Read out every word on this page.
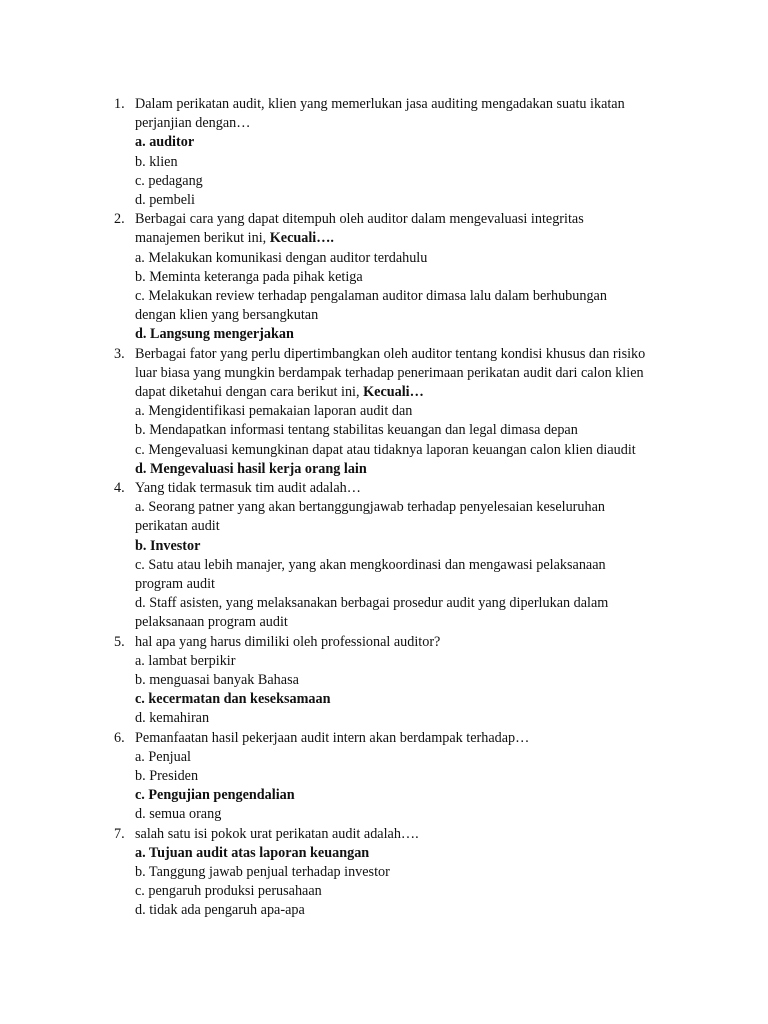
1. Dalam perikatan audit, klien yang memerlukan jasa auditing mengadakan suatu ikatan
perjanjian dengan…
a. auditor
b. klien
c. pedagang
d. pembeli
2. Berbagai cara yang dapat ditempuh oleh auditor dalam mengevaluasi integritas
manajemen berikut ini, Kecuali….
a. Melakukan komunikasi dengan auditor terdahulu
b. Meminta keteranga pada pihak ketiga
c. Melakukan review terhadap pengalaman auditor dimasa lalu dalam berhubungan
dengan klien yang bersangkutan
d. Langsung mengerjakan
3. Berbagai fator yang perlu dipertimbangkan oleh auditor tentang kondisi khusus dan risiko
luar biasa yang mungkin berdampak terhadap penerimaan perikatan audit dari calon klien
dapat diketahui dengan cara berikut ini, Kecuali…
a. Mengidentifikasi pemakaian laporan audit dan
b. Mendapatkan informasi tentang stabilitas keuangan dan legal dimasa depan
c. Mengevaluasi kemungkinan dapat atau tidaknya laporan keuangan calon klien diaudit
d. Mengevaluasi hasil kerja orang lain
4. Yang tidak termasuk tim audit adalah…
a. Seorang patner yang akan bertanggungjawab terhadap penyelesaian keseluruhan
perikatan audit
b. Investor
c. Satu atau lebih manajer, yang akan mengkoordinasi dan mengawasi pelaksanaan
program audit
d. Staff asisten, yang melaksanakan berbagai prosedur audit yang diperlukan dalam
pelaksanaan program audit
5. hal apa yang harus dimiliki oleh professional auditor?
a. lambat berpikir
b. menguasai banyak Bahasa
c. kecermatan dan keseksamaan
d. kemahiran
6. Pemanfaatan hasil pekerjaan audit intern akan berdampak terhadap…
a. Penjual
b. Presiden
c. Pengujian pengendalian
d. semua orang
7. salah satu isi pokok urat perikatan audit adalah….
a. Tujuan audit atas laporan keuangan
b. Tanggung jawab penjual terhadap investor
c. pengaruh produksi perusahaan
d. tidak ada pengaruh apa-apa
